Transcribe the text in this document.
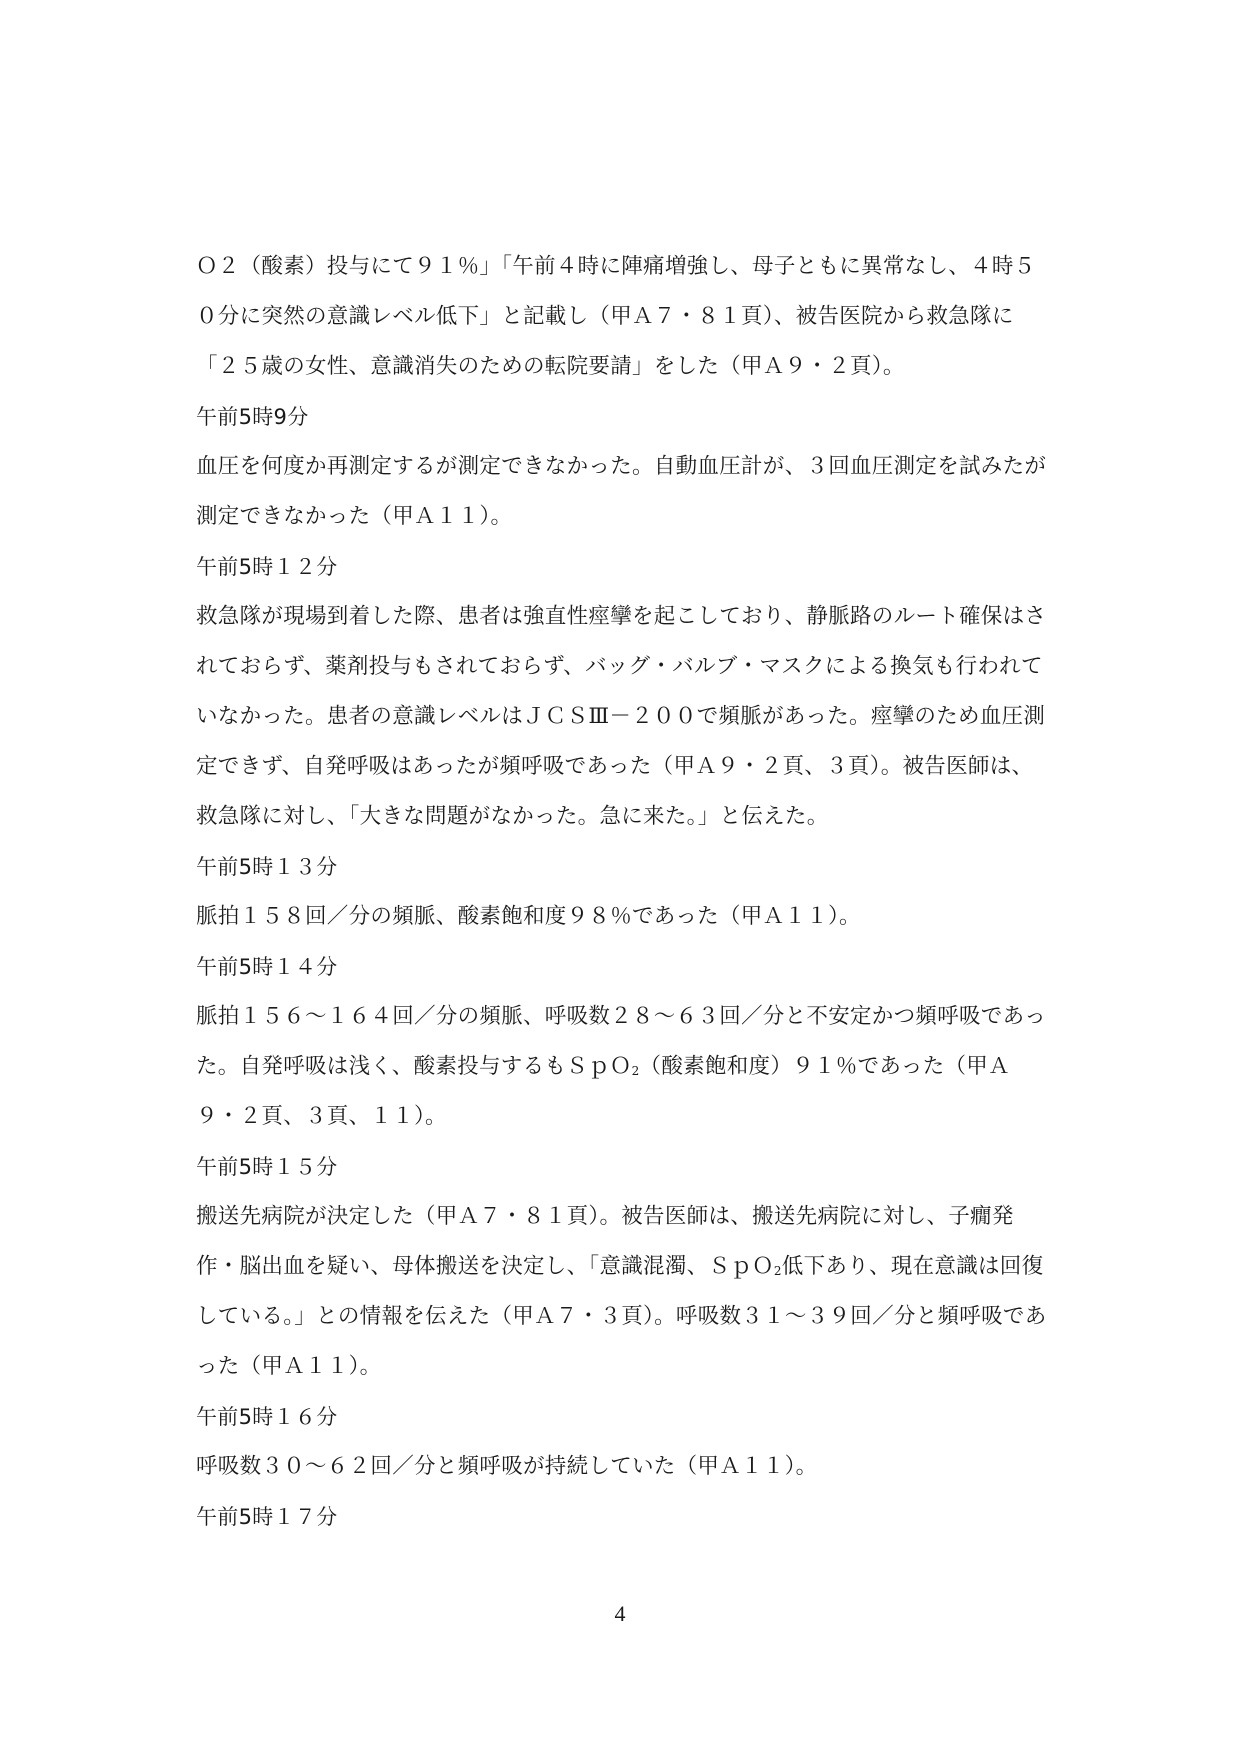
Ｏ２（酸素）投与にて９１％」「午前４時に陣痛増強し、母子ともに異常なし、４時５
０分に突然の意識レベル低下」と記載し（甲Ａ７・８１頁）、被告医院から救急隊に
「２５歳の女性、意識消失のための転院要請」をした（甲Ａ９・２頁）。
午前5時9分
血圧を何度か再測定するが測定できなかった。自動血圧計が、３回血圧測定を試みたが
測定できなかった（甲Ａ１１）。
午前5時１２分
救急隊が現場到着した際、患者は強直性痙攣を起こしており、静脈路のルート確保はさ
れておらず、薬剤投与もされておらず、バッグ・バルブ・マスクによる換気も行われて
いなかった。患者の意識レベルはＪＣＳⅢ－２００で頻脈があった。痙攣のため血圧測
定できず、自発呼吸はあったが頻呼吸であった（甲Ａ９・２頁、３頁）。被告医師は、
救急隊に対し、「大きな問題がなかった。急に来た。」と伝えた。
午前5時１３分
脈拍１５８回／分の頻脈、酸素飽和度９８％であった（甲Ａ１１）。
午前5時１４分
脈拍１５６～１６４回／分の頻脈、呼吸数２８～６３回／分と不安定かつ頻呼吸であっ
た。自発呼吸は浅く、酸素投与するもＳｐＯ2（酸素飽和度）９１％であった（甲Ａ
９・２頁、３頁、１１）。
午前5時１５分
搬送先病院が決定した（甲Ａ７・８１頁）。被告医師は、搬送先病院に対し、子癇発
作・脳出血を疑い、母体搬送を決定し、「意識混濁、ＳｐＯ2低下あり、現在意識は回復
している。」との情報を伝えた（甲Ａ７・３頁）。呼吸数３１～３９回／分と頻呼吸であ
った（甲Ａ１１）。
午前5時１６分
呼吸数３０～６２回／分と頻呼吸が持続していた（甲Ａ１１）。
午前5時１７分
4
